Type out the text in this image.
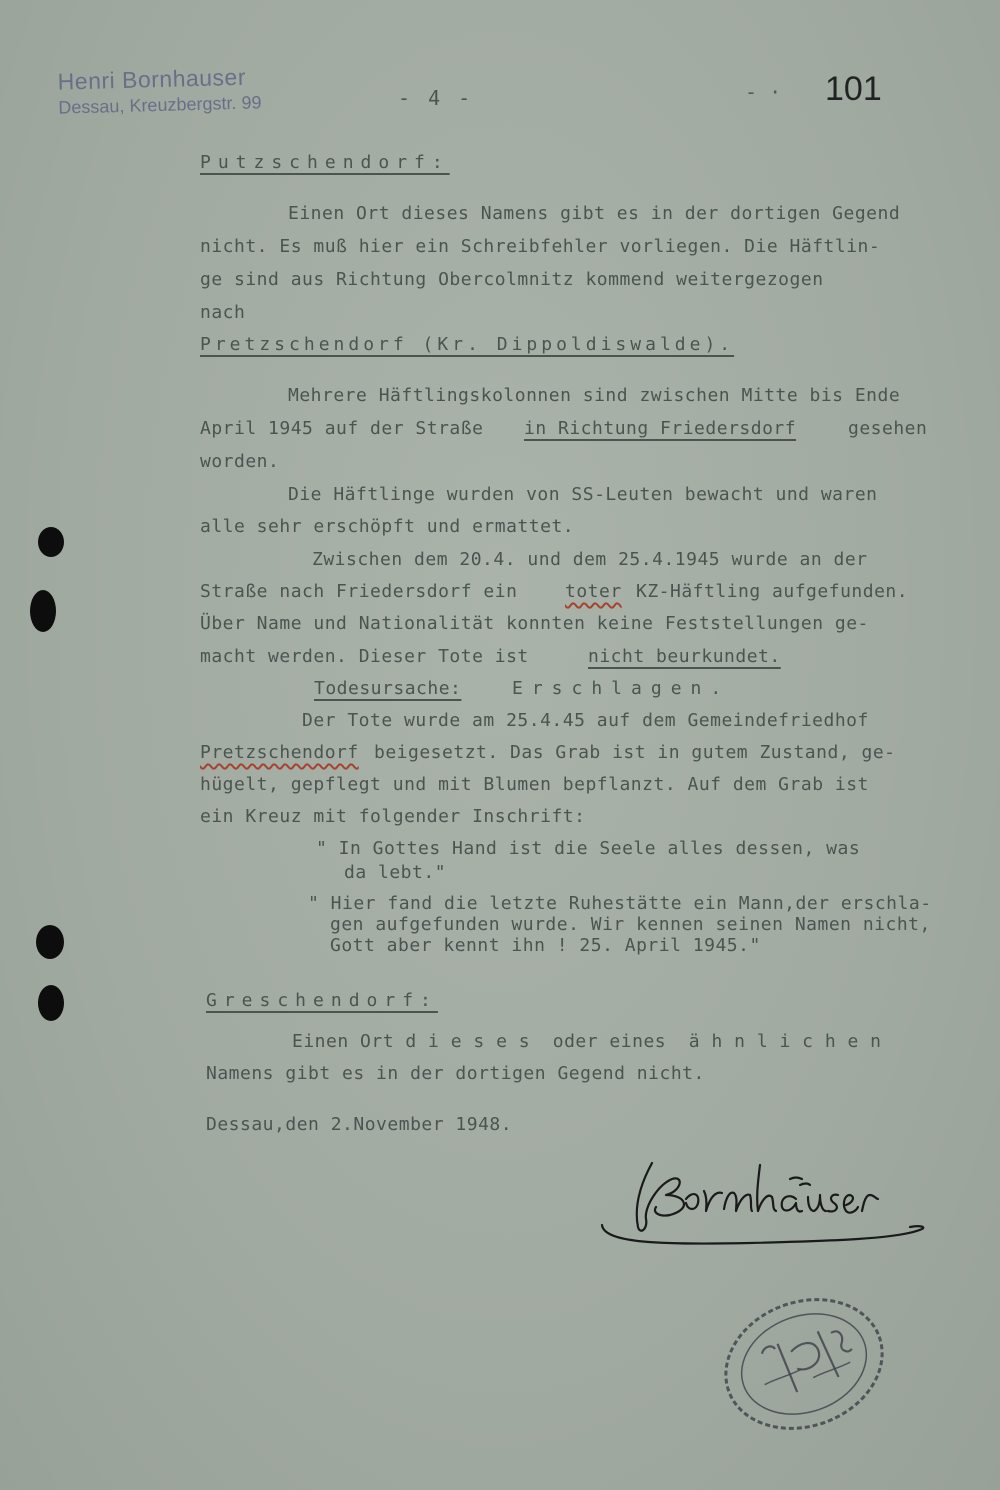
Henri Bornhauser
Dessau, Kreuzbergstr. 99	- 4 -	- · 101
Putzschendorf:
Einen Ort dieses Namens gibt es in der dortigen Gegend
nicht. Es muß hier ein Schreibfehler vorliegen. Die Häftlin-
ge sind aus Richtung Obercolmnitz kommend weitergezogen
nach
Pretzschendorf (Kr. Dippoldiswalde).
Mehrere Häftlingskolonnen sind zwischen Mitte bis Ende
April 1945 auf der Straße in Richtung Friedersdorf	gesehen
worden.
Die Häftlinge wurden von SS-Leuten bewacht und waren
alle sehr erschöpft und ermattet.
Zwischen dem 20.4. und dem 25.4.1945 wurde an der
Straße nach Friedersdorf ein	toter KZ-Häftling aufgefunden.
Über Name und Nationalität konnten keine Feststellungen ge-
macht werden. Dieser Tote ist	nicht beurkundet.
Todesursache:	Erschlagen.
Der Tote wurde am 25.4.45 auf dem Gemeindefriedhof
Pretzschendorf beigesetzt. Das Grab ist in gutem Zustand, ge-
hügelt, gepflegt und mit Blumen bepflanzt. Auf dem Grab ist
ein Kreuz mit folgender Inschrift:
" In Gottes Hand ist die Seele alles dessen, was
da lebt."
" Hier fand die letzte Ruhestätte ein Mann,der erschla-
gen aufgefunden wurde. Wir kennen seinen Namen nicht,
Gott aber kennt ihn ! 25. April 1945."
Greschendorf:
Einen Ort d i e s e s  oder eines  ä h n l i c h e n
Namens gibt es in der dortigen Gegend nicht.
Dessau,den 2.November 1948.
